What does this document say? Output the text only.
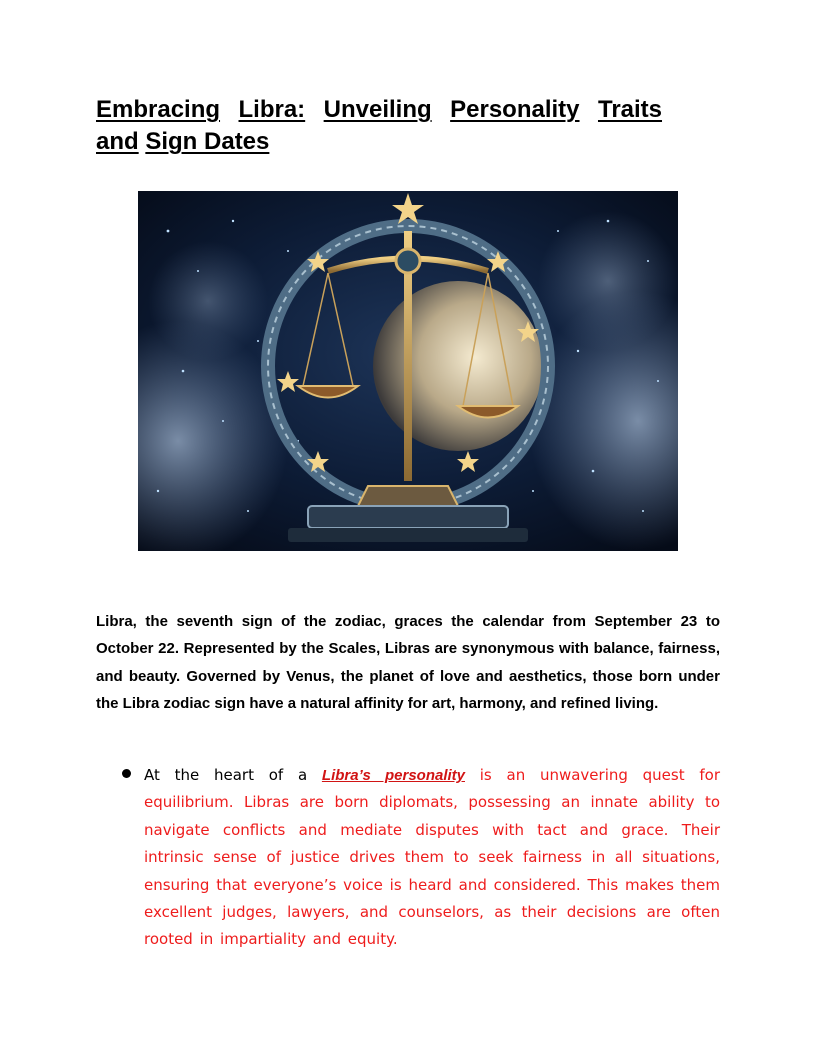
Embracing Libra: Unveiling Personality Traits and Sign Dates

Libra, the seventh sign of the zodiac, graces the calendar from September 23 to October 22. Represented by the Scales, Libras are synonymous with balance, fairness, and beauty. Governed by Venus, the planet of love and aesthetics, those born under the Libra zodiac sign have a natural affinity for art, harmony, and refined living.

At the heart of a Libra’s personality is an unwavering quest for equilibrium. Libras are born diplomats, possessing an innate ability to navigate conflicts and mediate disputes with tact and grace. Their intrinsic sense of justice drives them to seek fairness in all situations, ensuring that everyone’s voice is heard and considered. This makes them excellent judges, lawyers, and counselors, as their decisions are often rooted in impartiality and equity.
